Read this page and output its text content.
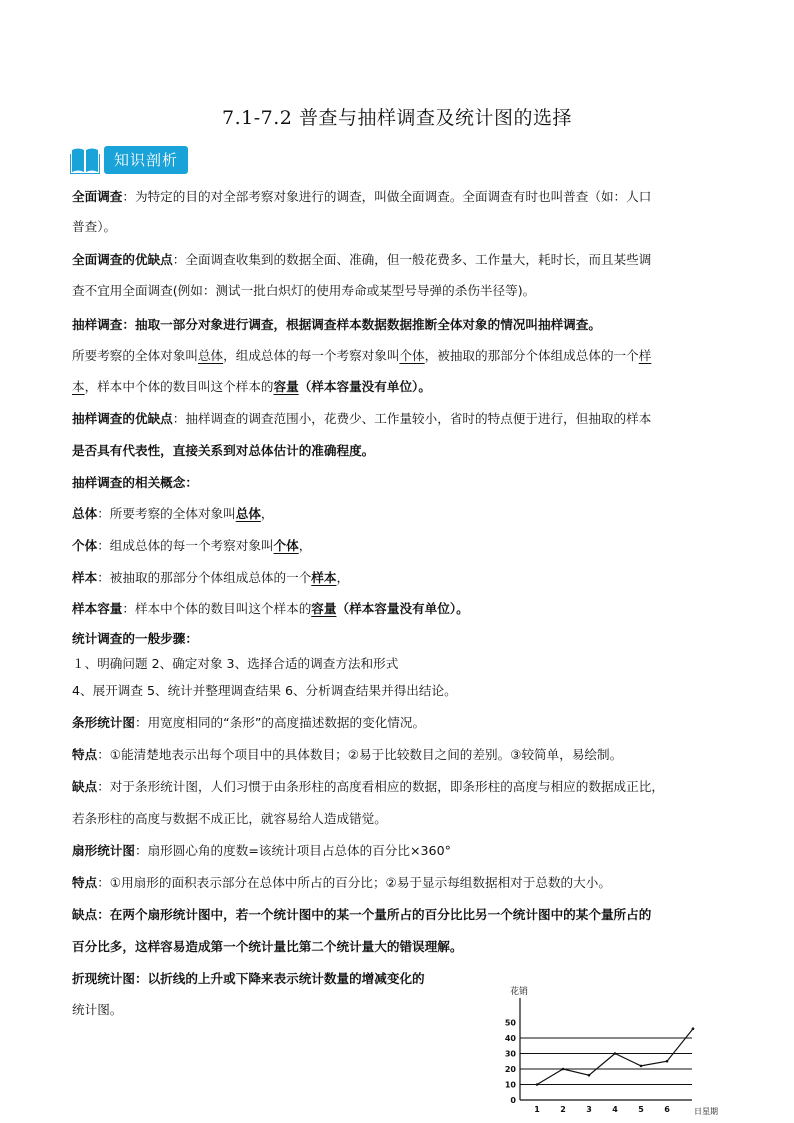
7.1-7.2 普查与抽样调查及统计图的选择
知识剖析
全面调查：为特定的目的对全部考察对象进行的调查，叫做全面调查。全面调查有时也叫普查（如：人口
普查）。
全面调查的优缺点：全面调查收集到的数据全面、准确，但一般花费多、工作量大，耗时长，而且某些调
查不宜用全面调查(例如：测试一批白炽灯的使用寿命或某型号导弹的杀伤半径等)。
抽样调查：抽取一部分对象进行调查，根据调查样本数据数据推断全体对象的情况叫抽样调查。
所要考察的全体对象叫总体，组成总体的每一个考察对象叫个体，被抽取的那部分个体组成总体的一个样
本，样本中个体的数目叫这个样本的容量（样本容量没有单位）。
抽样调查的优缺点：抽样调查的调查范围小，花费少、工作量较小，省时的特点便于进行，但抽取的样本
是否具有代表性，直接关系到对总体估计的准确程度。
抽样调查的相关概念：
总体：所要考察的全体对象叫总体，
个体：组成总体的每一个考察对象叫个体，
样本：被抽取的那部分个体组成总体的一个样本，
样本容量：样本中个体的数目叫这个样本的容量（样本容量没有单位）。
统计调查的一般步骤：
１、明确问题 2、确定对象 3、选择合适的调查方法和形式
4、展开调查 5、统计并整理调查结果 6、分析调查结果并得出结论。
条形统计图：用宽度相同的“条形”的高度描述数据的变化情况。
特点：①能清楚地表示出每个项目中的具体数目；②易于比较数目之间的差别。③较简单，易绘制。
缺点：对于条形统计图，人们习惯于由条形柱的高度看相应的数据，即条形柱的高度与相应的数据成正比，
若条形柱的高度与数据不成正比，就容易给人造成错觉。
扇形统计图：扇形圆心角的度数=该统计项目占总体的百分比×360°
特点：①用扇形的面积表示部分在总体中所占的百分比；②易于显示每组数据相对于总数的大小。
缺点：在两个扇形统计图中，若一个统计图中的某一个量所占的百分比比另一个统计图中的某个量所占的
百分比多，这样容易造成第一个统计量比第二个统计量大的错误理解。
折现统计图：以折线的上升或下降来表示统计数量的增减变化的
统计图。
花销
0
10
20
30
40
50
1	2	3	4	5	6	日星期
